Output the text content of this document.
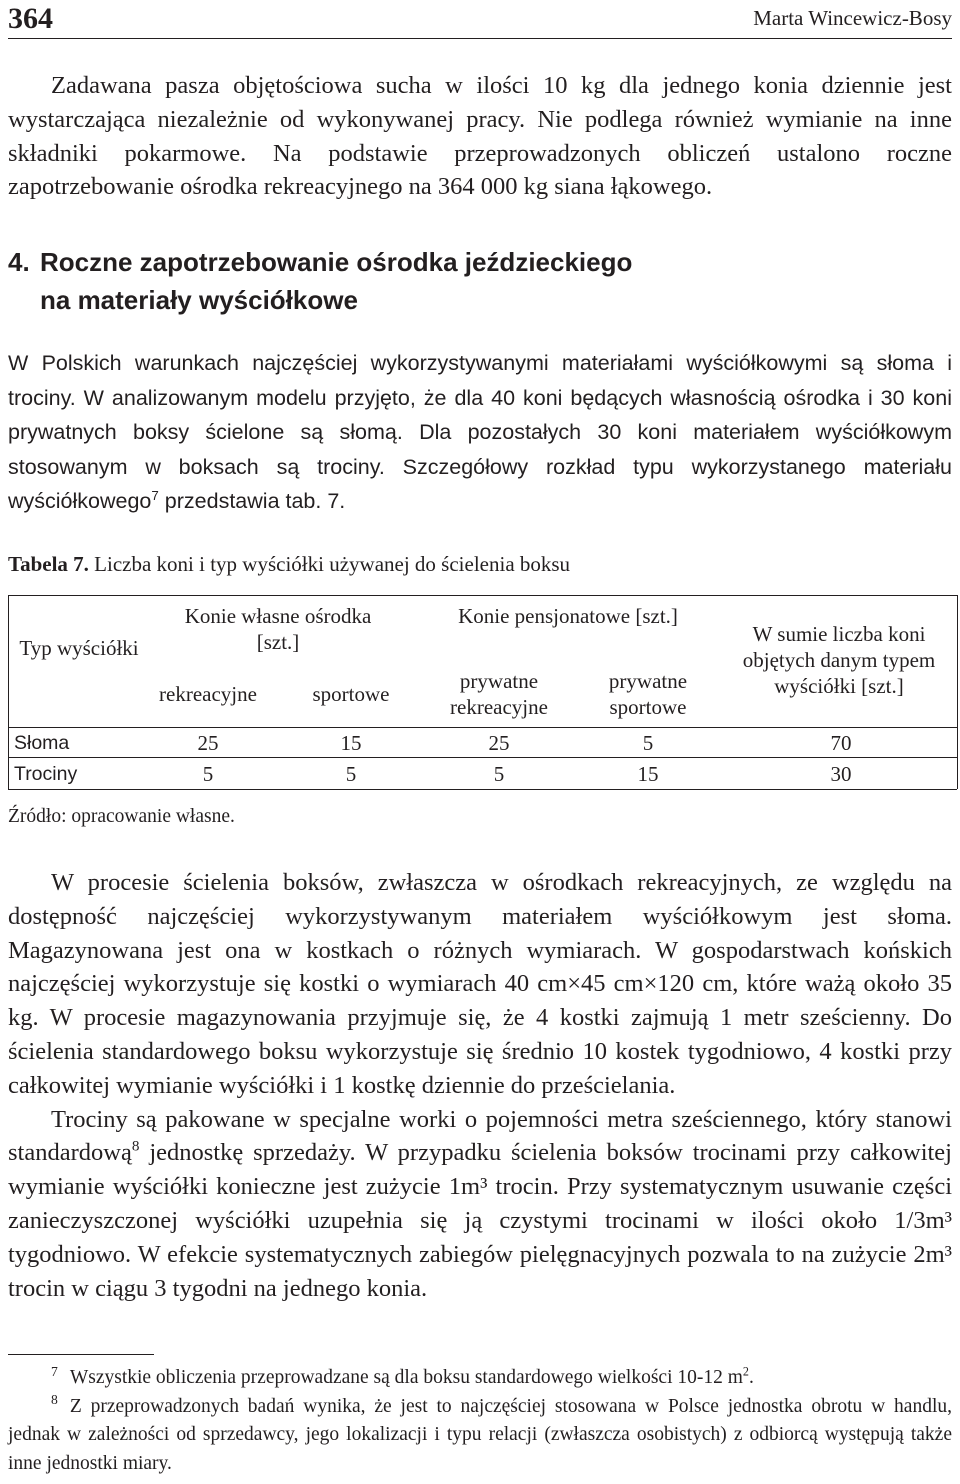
364	Marta Wincewicz-Bosy

Zadawana pasza objętościowa sucha w ilości 10 kg dla jednego konia dziennie jest wystarczająca niezależnie od wykonywanej pracy. Nie podlega również wymianie na inne składniki pokarmowe. Na podstawie przeprowadzonych obliczeń ustalono roczne zapotrzebowanie ośrodka rekreacyjnego na 364 000 kg siana łąkowego.

4. Roczne zapotrzebowanie ośrodka jeździeckiego
na materiały wyściółkowe

W Polskich warunkach najczęściej wykorzystywanymi materiałami wyściółkowymi są słoma i trociny. W analizowanym modelu przyjęto, że dla 40 koni będących własnością ośrodka i 30 koni prywatnych boksy ścielone są słomą. Dla pozostałych 30 koni materiałem wyściółkowym stosowanym w boksach są trociny. Szczegółowy rozkład typu wykorzystanego materiału wyściółkowego$^7$ przedstawia tab. 7.

Tabela 7. Liczba koni i typ wyściółki używanej do ścielenia boksu
Typ wyściółki
Konie własne ośrodka [szt.]
Konie pensjonatowe [szt.]
W sumie liczba koni objętych danym typem wyściółki [szt.]
rekreacyjne	sportowe
prywatne rekreacyjne
prywatne sportowe
Słoma	25	15	25	5	70
Trociny	5	5	5	15	30
Źródło: opracowanie własne.

W procesie ścielenia boksów, zwłaszcza w ośrodkach rekreacyjnych, ze względu na dostępność najczęściej wykorzystywanym materiałem wyściółkowym jest słoma. Magazynowana jest ona w kostkach o różnych wymiarach. W gospodarstwach końskich najczęściej wykorzystuje się kostki o wymiarach 40 cm×45 cm×120 cm, które ważą około 35 kg. W procesie magazynowania przyjmuje się, że 4 kostki zajmują 1 metr sześcienny. Do ścielenia standardowego boksu wykorzystuje się średnio 10 kostek tygodniowo, 4 kostki przy całkowitej wymianie wyściółki i 1 kostkę dziennie do prześcielania.

Trociny są pakowane w specjalne worki o pojemności metra sześciennego, który stanowi standardową$^8$ jednostkę sprzedaży. W przypadku ścielenia boksów trocinami przy całkowitej wymianie wyściółki konieczne jest zużycie 1m³ trocin. Przy systematycznym usuwanie części zanieczyszczonej wyściółki uzupełnia się ją czystymi trocinami w ilości około 1/3m³ tygodniowo. W efekcie systematycznych zabiegów pielęgnacyjnych pozwala to na zużycie 2m³ trocin w ciągu 3 tygodni na jednego konia.

$^7$ Wszystkie obliczenia przeprowadzane są dla boksu standardowego wielkości 10-12 $m^2$.

$^8$ Z przeprowadzonych badań wynika, że jest to najczęściej stosowana w Polsce jednostka obrotu w handlu, jednak w zależności od sprzedawcy, jego lokalizacji i typu relacji (zwłaszcza osobistych) z odbiorcą występują także inne jednostki miary.
